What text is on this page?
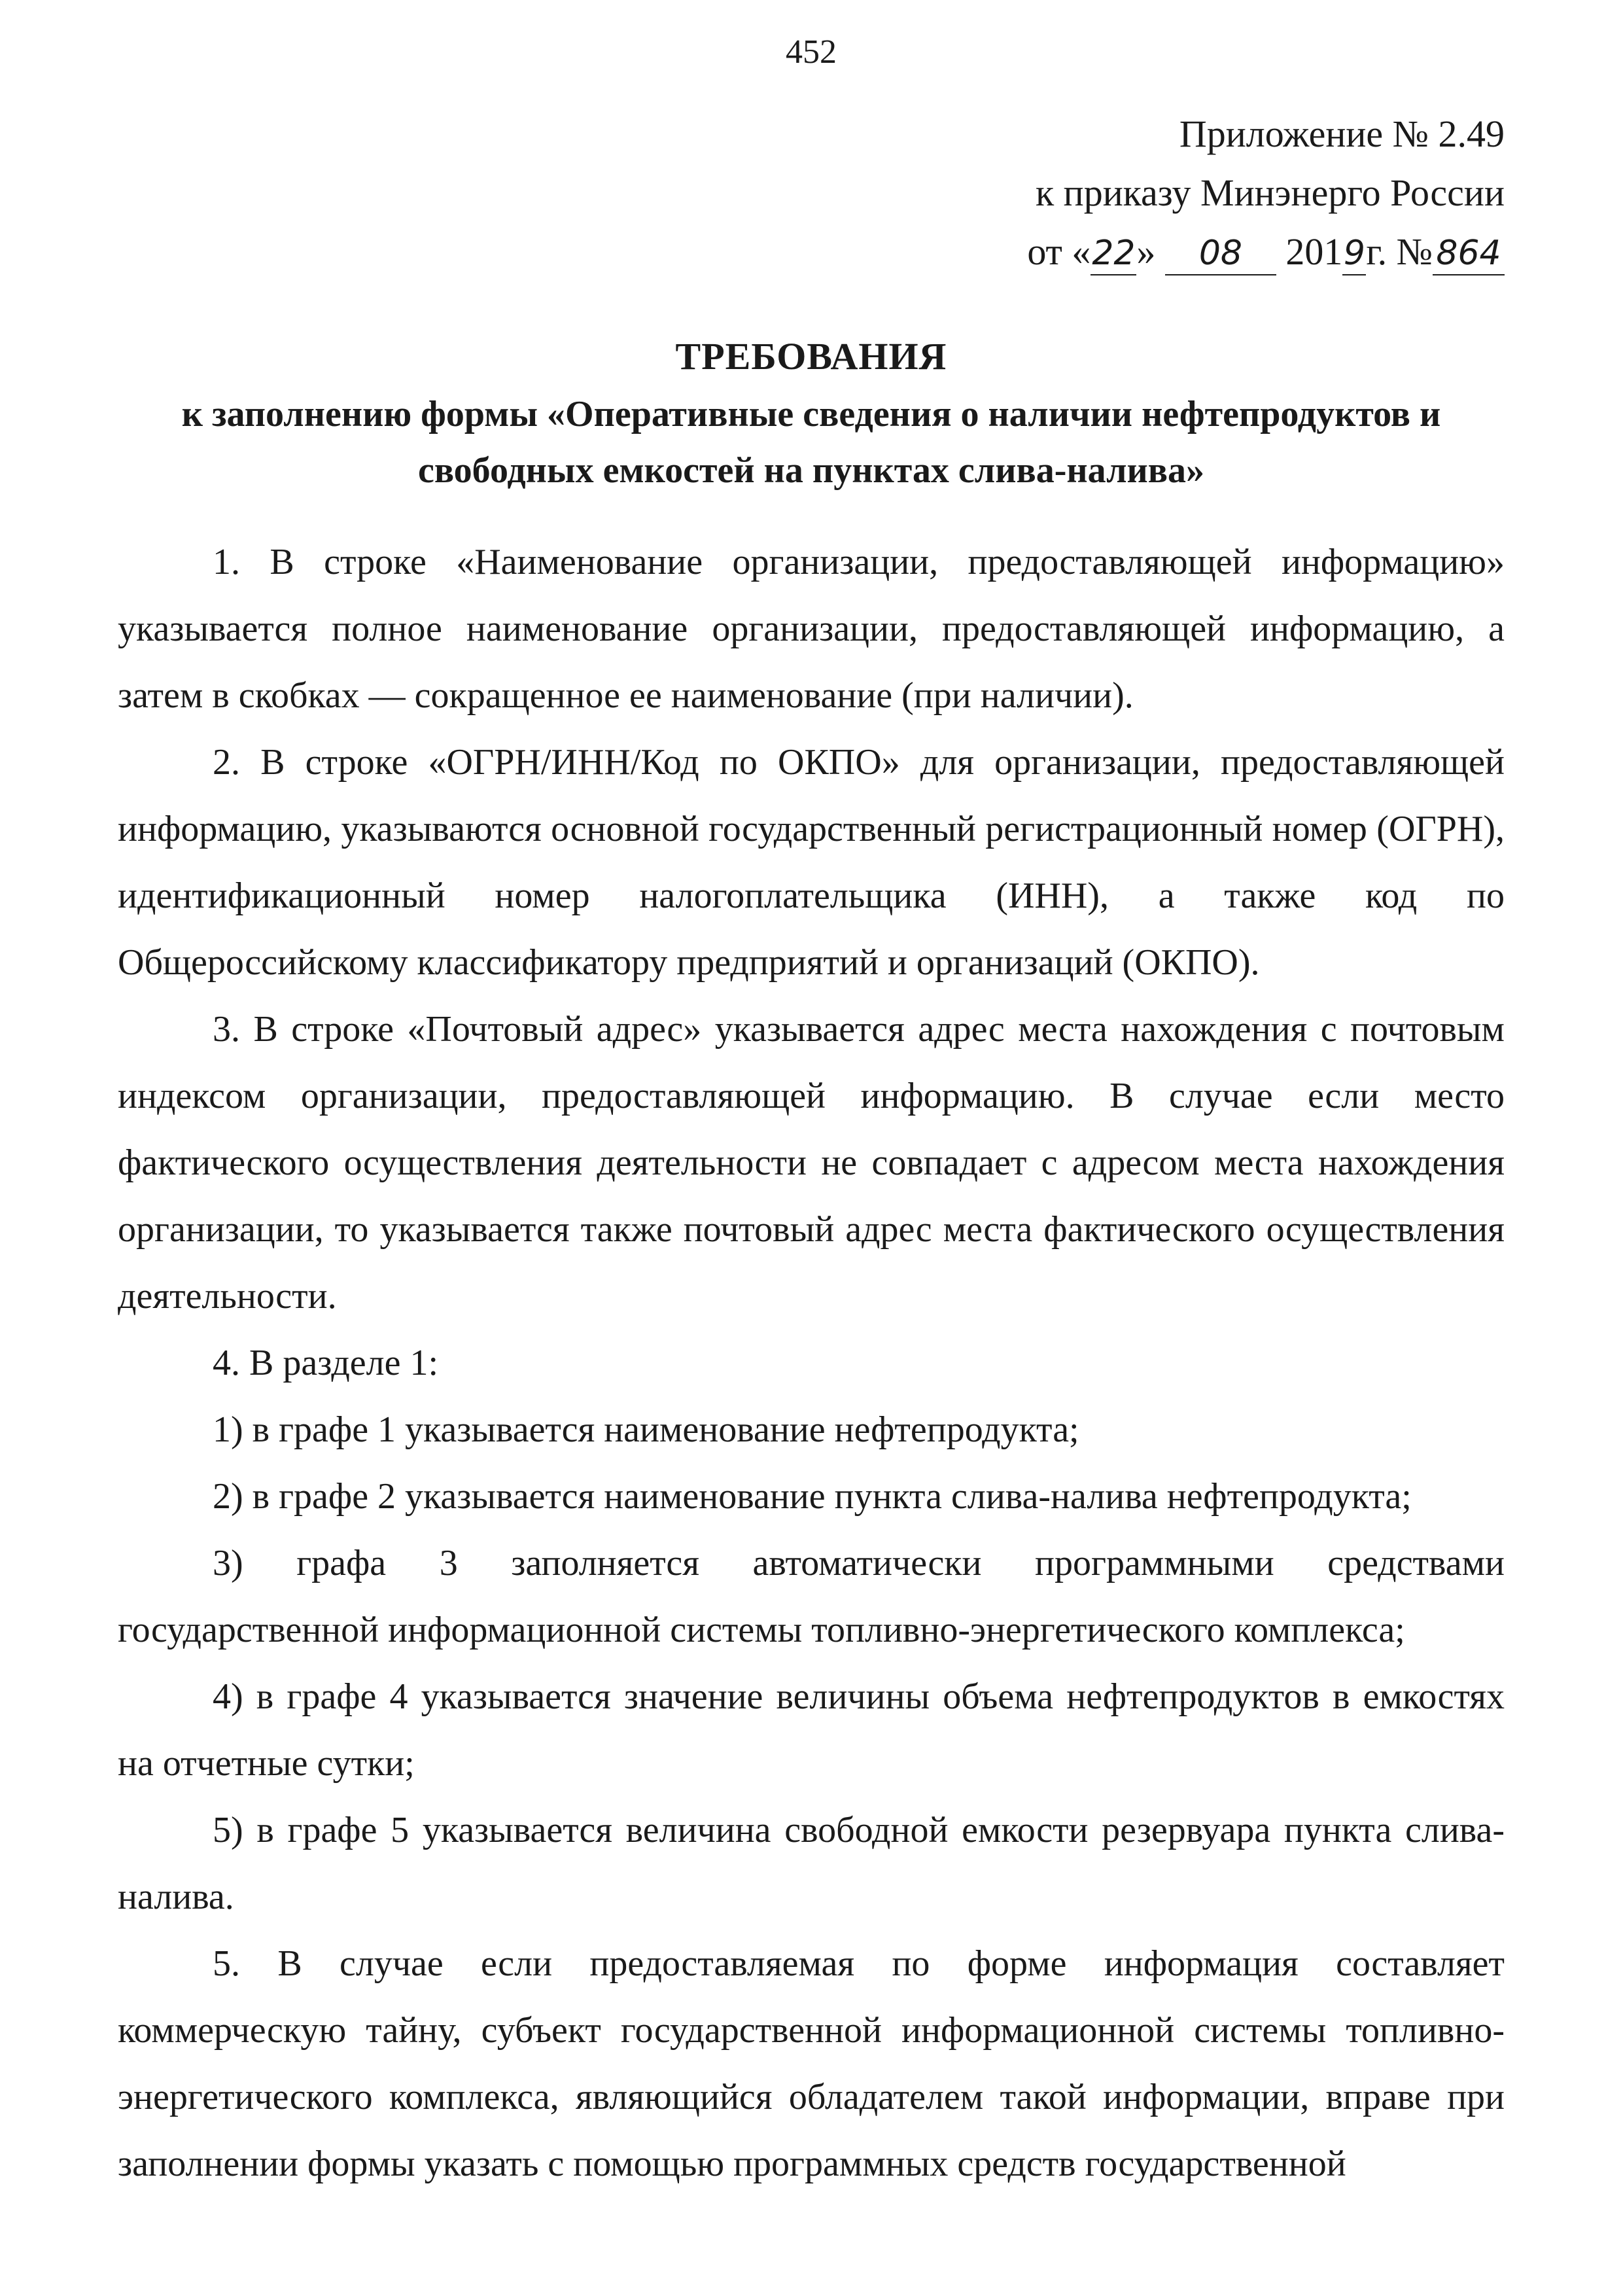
452
Приложение № 2.49
к приказу Минэнерго России
от «22» 08 2019г. № 864
ТРЕБОВАНИЯ
к заполнению формы «Оперативные сведения о наличии нефтепродуктов и
свободных емкостей на пунктах слива-налива»

1. В строке «Наименование организации, предоставляющей информацию» указывается полное наименование организации, предоставляющей информацию, а затем в скобках — сокращенное ее наименование (при наличии).

2. В строке «ОГРН/ИНН/Код по ОКПО» для организации, предоставляющей информацию, указываются основной государственный регистрационный номер (ОГРН), идентификационный номер налогоплательщика (ИНН), а также код по Общероссийскому классификатору предприятий и организаций (ОКПО).

3. В строке «Почтовый адрес» указывается адрес места нахождения с почтовым индексом организации, предоставляющей информацию. В случае если место фактического осуществления деятельности не совпадает с адресом места нахождения организации, то указывается также почтовый адрес места фактического осуществления деятельности.

4. В разделе 1:

1) в графе 1 указывается наименование нефтепродукта;

2) в графе 2 указывается наименование пункта слива-налива нефтепродукта;

3) графа 3 заполняется автоматически программными средствами государственной информационной системы топливно-энергетического комплекса;

4) в графе 4 указывается значение величины объема нефтепродуктов в емкостях на отчетные сутки;

5) в графе 5 указывается величина свободной емкости резервуара пункта слива-налива.

5. В случае если предоставляемая по форме информация составляет коммерческую тайну, субъект государственной информационной системы топливно-энергетического комплекса, являющийся обладателем такой информации, вправе при заполнении формы указать с помощью программных средств государственной
